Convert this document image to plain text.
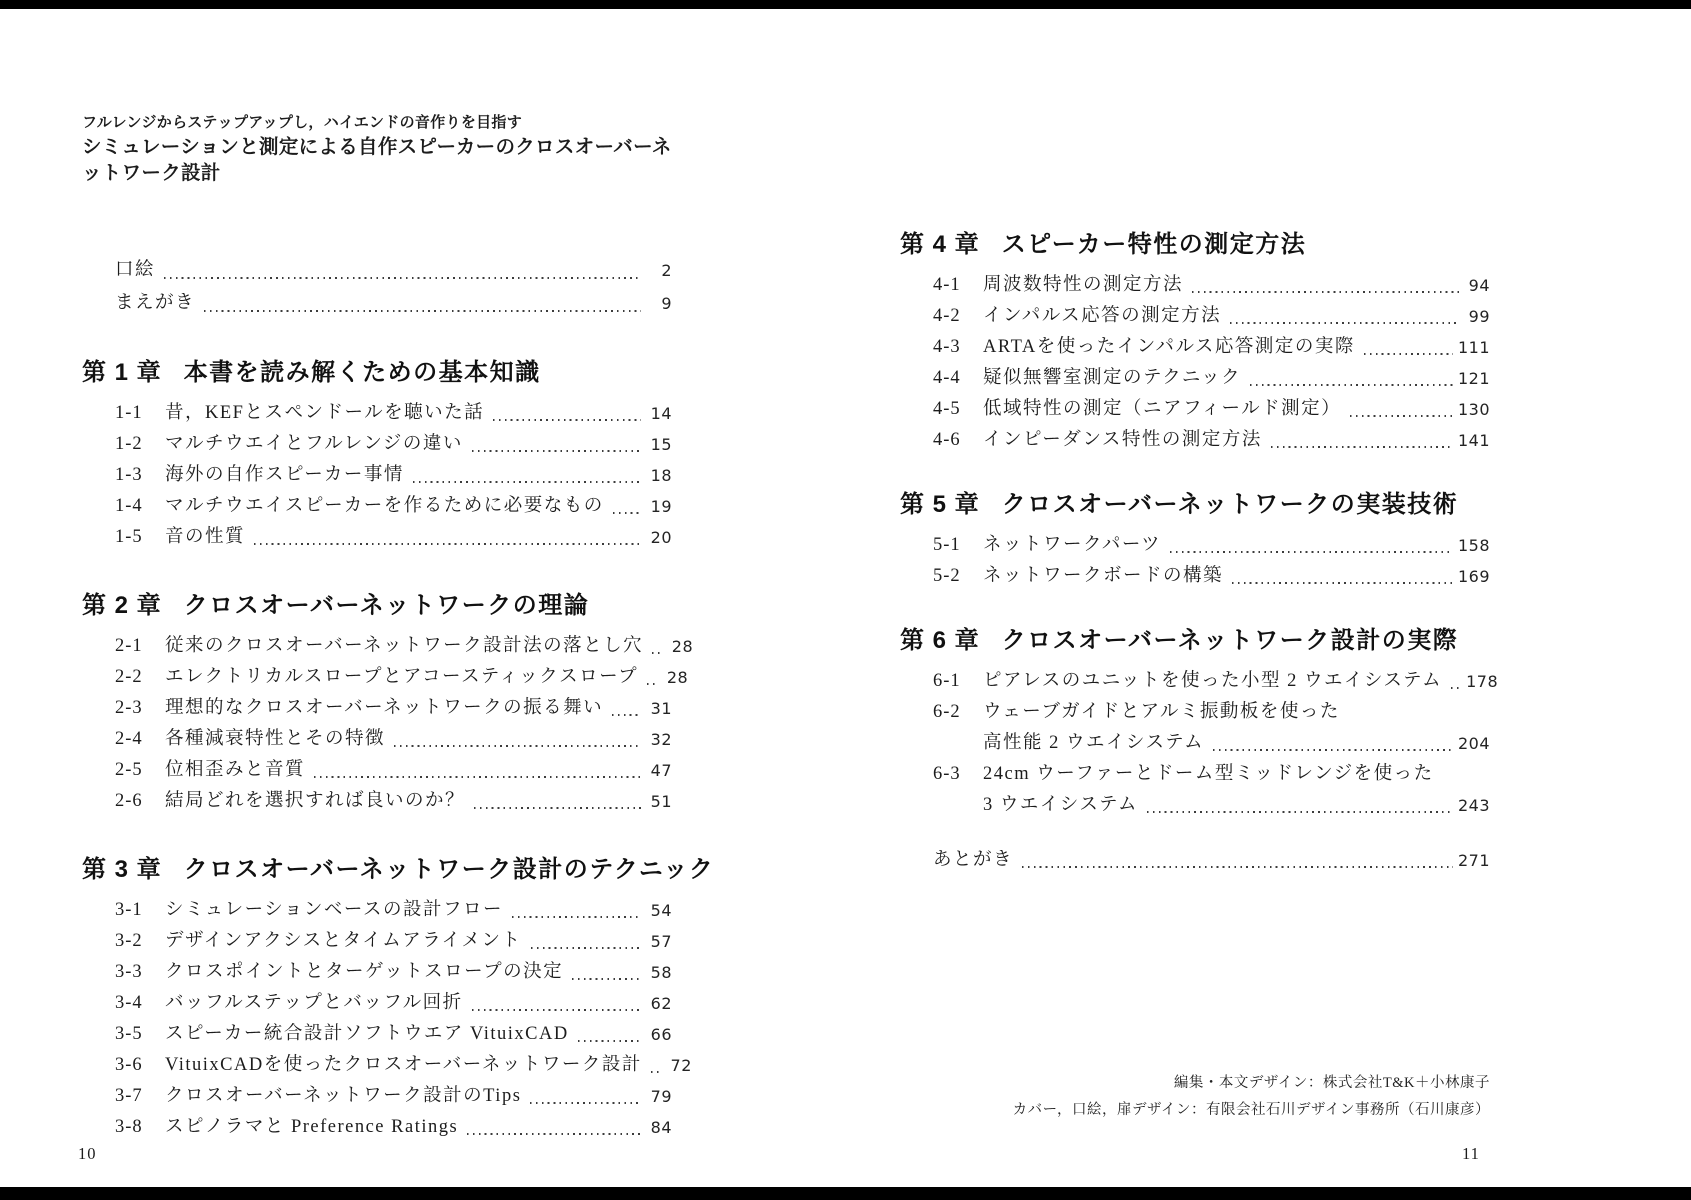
フルレンジからステップアップし，ハイエンドの音作りを目指す
シミュレーションと測定による自作スピーカーのクロスオーバーネットワーク設計
口絵	2
まえがき	9
第 1 章 本書を読み解くための基本知識
1-1	昔，KEFとスペンドールを聴いた話	14
1-2	マルチウエイとフルレンジの違い	15
1-3	海外の自作スピーカー事情	18
1-4	マルチウエイスピーカーを作るために必要なもの	19
1-5	音の性質	20
第 2 章 クロスオーバーネットワークの理論
2-1	従来のクロスオーバーネットワーク設計法の落とし穴 28
2-2	エレクトリカルスロープとアコースティックスロープ 28
2-3	理想的なクロスオーバーネットワークの振る舞い	31
2-4	各種減衰特性とその特徴	32
2-5	位相歪みと音質	47
2-6	結局どれを選択すれば良いのか？	51
第 3 章 クロスオーバーネットワーク設計のテクニック
3-1	シミュレーションベースの設計フロー	54
3-2	デザインアクシスとタイムアライメント	57
3-3	クロスポイントとターゲットスロープの決定	58
3-4	バッフルステップとバッフル回折	62
3-5	スピーカー統合設計ソフトウエア VituixCAD	66
3-6	VituixCADを使ったクロスオーバーネットワーク設計 72
3-7	クロスオーバーネットワーク設計のTips	79
3-8	スピノラマと Preference Ratings	84
第 4 章 スピーカー特性の測定方法
4-1	周波数特性の測定方法	94
4-2	インパルス応答の測定方法	99
4-3	ARTAを使ったインパルス応答測定の実際	111
4-4	疑似無響室測定のテクニック	121
4-5	低域特性の測定（ニアフィールド測定）	130
4-6	インピーダンス特性の測定方法	141
第 5 章 クロスオーバーネットワークの実装技術
5-1	ネットワークパーツ	158
5-2	ネットワークボードの構築	169
第 6 章 クロスオーバーネットワーク設計の実際
6-1	ピアレスのユニットを使った小型 2 ウエイシステム 178
6-2	ウェーブガイドとアルミ振動板を使った
高性能 2 ウエイシステム	204
6-3	24cm ウーファーとドーム型ミッドレンジを使った
3 ウエイシステム	243
あとがき	271
編集・本文デザイン：株式会社T&K＋小林康子
カバー，口絵，扉デザイン：有限会社石川デザイン事務所（石川康彦）
10	11
